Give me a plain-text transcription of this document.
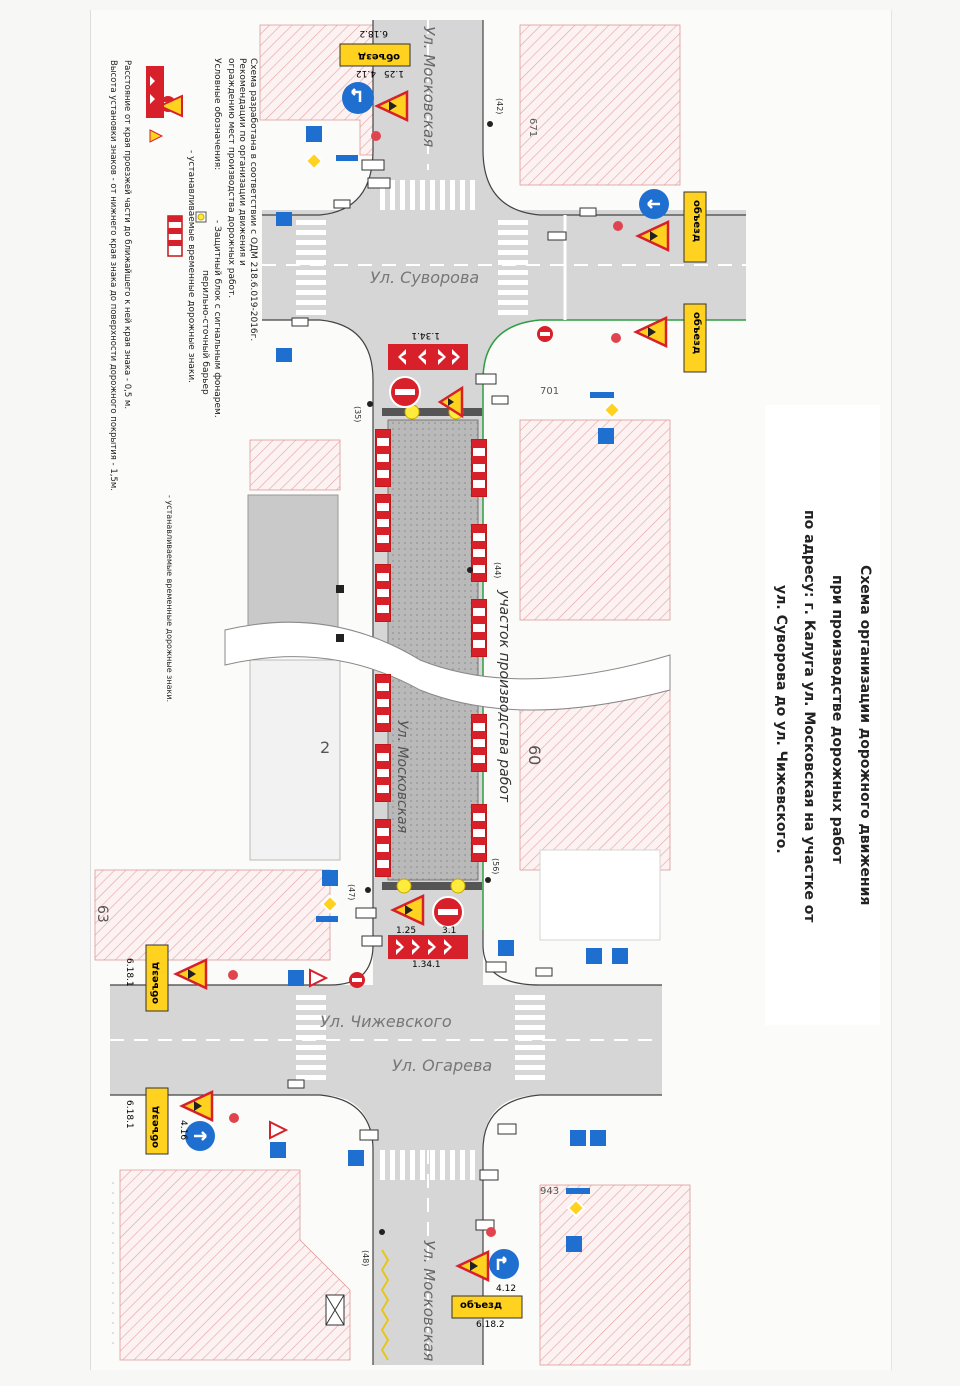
Ул. Московская
Ул. Московская
Ул. Московская
Ул. Суворова
Ул. Чижевского
Ул. Огарева
участок производства работ
4.12 1.25
6.18.2
1.34.1
1.25	3.1
1.34.1
4.16
6.18.1
6.18.1
4.12
6.18.2
объезд
объезд
объезд
объезд
объезд
объезд
671
701
943
2	60
63
(42)
(35)
(44)
(47)
(56)
(48)
Схема организации дорожного движения
при производстве дорожных работ
по адресу: г. Калуга ул. Московская на участке от
ул. Суворова до ул. Чижевского.
Схема разработана в соответствии с ОДМ 218.6.019-2016г.
Рекомендации по организации движения и
ограждению мест производства дорожных работ.
Условные обозначения:
- Защитный блок с сигнальным фонарем.
перильно-сточный барьер
- устанавливаемые временные дорожные знаки.
- устанавливаемые временные дорожные знаки.
Расстояние от края проезжей части до ближайшего к ней края знака - 0,5 м.
Высота установки знаков - от нижнего края знака до поверхности дорожного покрытия - 1,5м.
